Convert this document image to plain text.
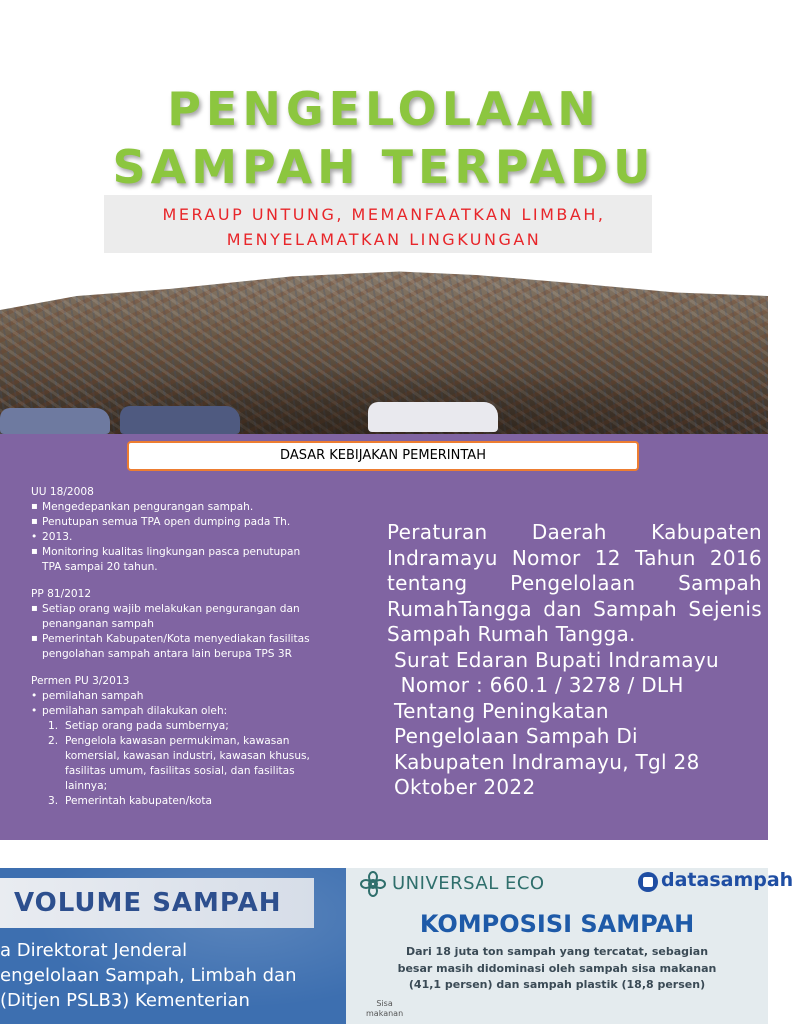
PENGELOLAAN
SAMPAH TERPADU
MERAUP UNTUNG, MEMANFAATKAN LIMBAH,
MENYELAMATKAN LINGKUNGAN
DASAR KEBIJAKAN PEMERINTAH

UU 18/2008

▪ Mengedepankan pengurangan sampah.

▪ Penutupan semua TPA open dumping pada Th.

• 2013.

▪ Monitoring kualitas lingkungan pasca penutupan

TPA sampai 20 tahun.

PP 81/2012

▪ Setiap orang wajib melakukan pengurangan dan

penanganan sampah

▪ Pemerintah Kabupaten/Kota menyediakan fasilitas

pengolahan sampah antara lain berupa TPS 3R

Permen PU 3/2013

• pemilahan sampah

• pemilahan sampah dilakukan oleh:

1. Setiap orang pada sumbernya;

2. Pengelola kawasan permukiman, kawasan

komersial, kawasan industri, kawasan khusus,

fasilitas umum, fasilitas sosial, dan fasilitas

lainnya;

3. Pemerintah kabupaten/kota

Peraturan Daerah Kabupaten Indramayu Nomor 12 Tahun 2016 tentang Pengelolaan Sampah RumahTangga dan Sampah Sejenis Sampah Rumah Tangga.

Surat Edaran Bupati Indramayu

Nomor : 660.1 / 3278 / DLH

Tentang Peningkatan

Pengelolaan Sampah Di

Kabupaten Indramayu, Tgl 28

Oktober 2022

VOLUME SAMPAH

a Direktorat Jenderal

engelolaan Sampah, Limbah dan

(Ditjen PSLB3) Kementerian

UNIVERSAL ECO	datasampah
KOMPOSISI SAMPAH

Dari 18 juta ton sampah yang tercatat, sebagian

besar masih didominasi oleh sampah sisa makanan

(41,1 persen) dan sampah plastik (18,8 persen)

Sisa

makanan
